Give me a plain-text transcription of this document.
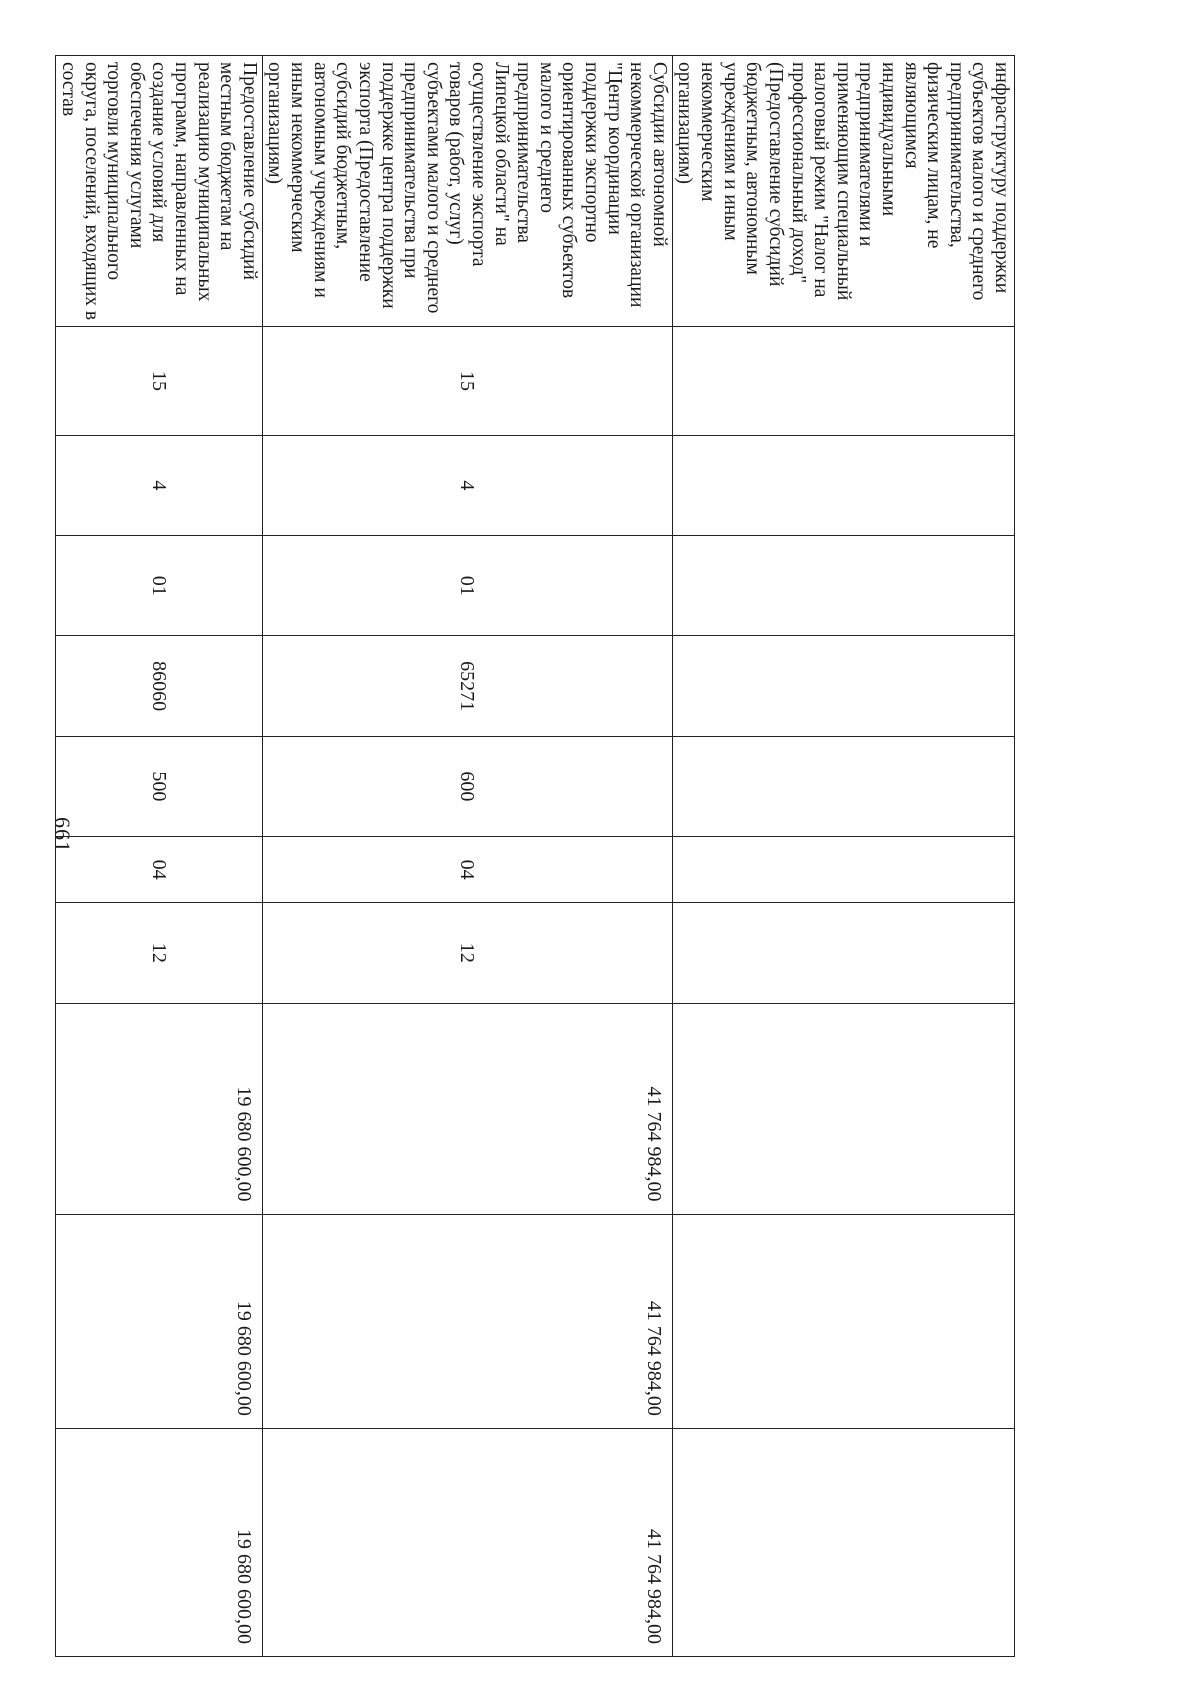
661
инфраструктуру поддержки субъектов малого и среднего предпринимательства, физическим лицам, не являющимся индивидуальными предпринимателями и применяющим специальный налоговый режим "Налог на профессиональный доход" (Предоставление субсидий бюджетным, автономным учреждениям и иным некоммерческим организациям)										
Субсидии автономной некоммерческой организации "Центр координации поддержки экспортно ориентированных субъектов малого и среднего предпринимательства Липецкой области" на осуществление экспорта товаров (работ, услуг) субъектами малого и среднего предпринимательства при поддержке центра поддержки экспорта (Предоставление субсидий бюджетным, автономным учреждениям и иным некоммерческим организациям)	15	4	01	65271	600	04	12	41 764 984,00	41 764 984,00	41 764 984,00
Предоставление субсидий местным бюджетам на реализацию муниципальных программ, направленных на создание условий для обеспечения услугами торговли муниципального округа, поселений, входящих в состав	15	4	01	86060	500	04	12	19 680 600,00	19 680 600,00	19 680 600,00
